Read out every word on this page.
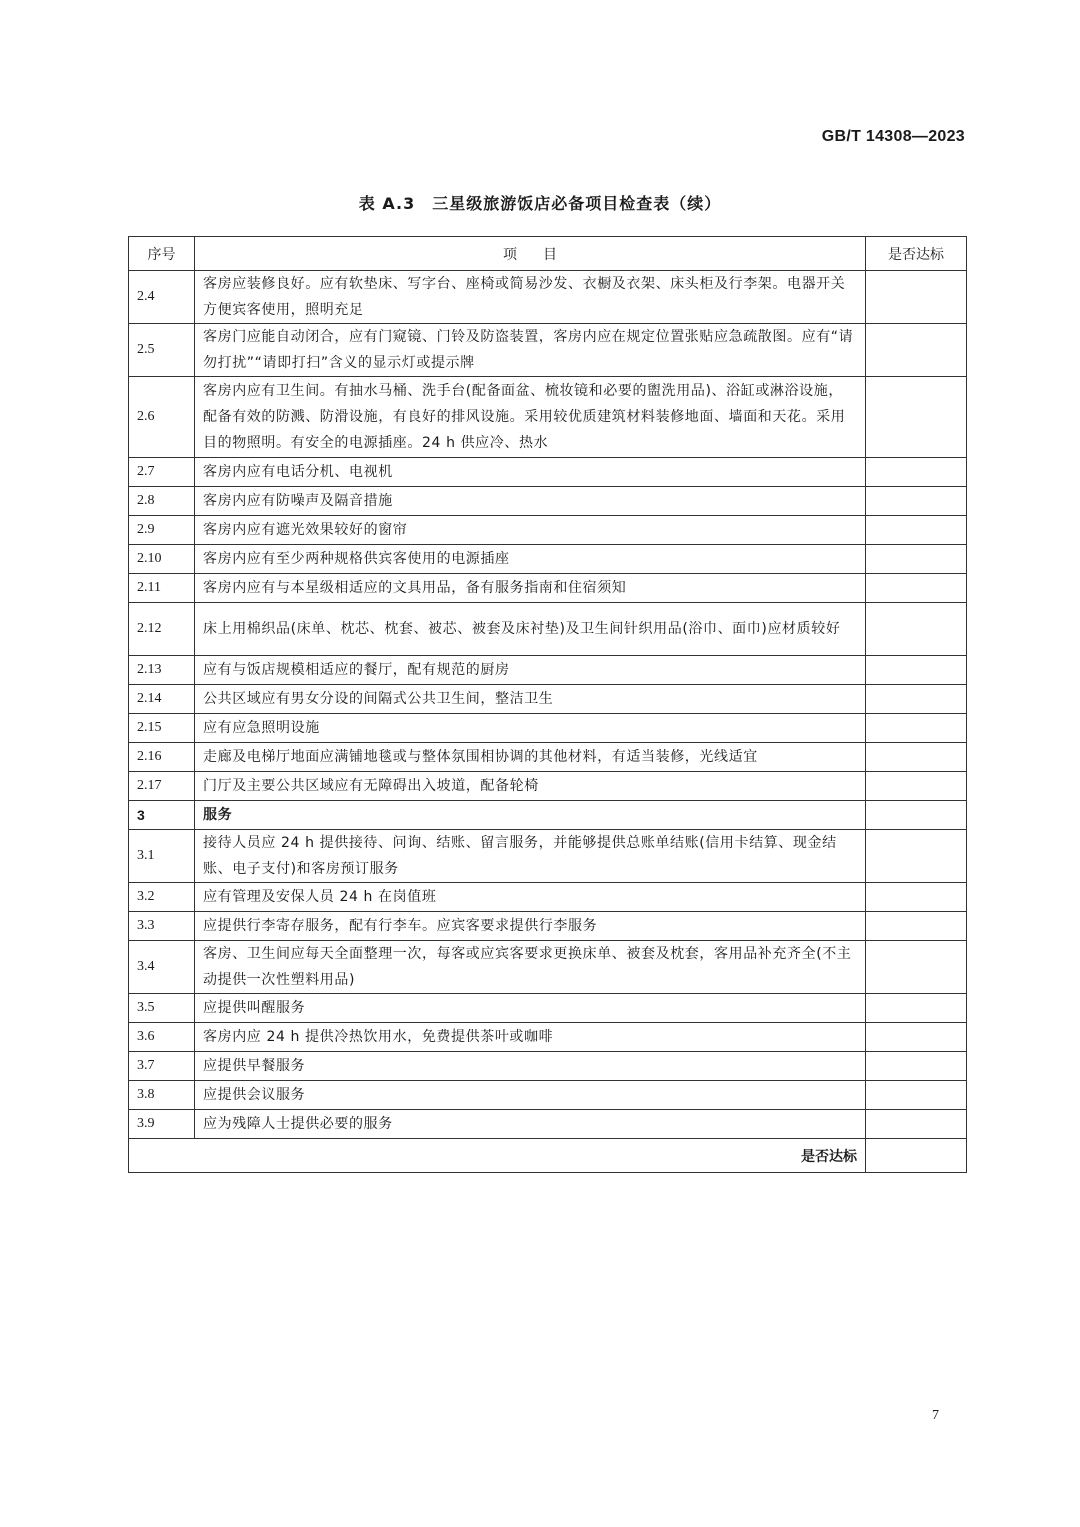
GB/T 14308—2023
表 A.3　三星级旅游饭店必备项目检查表（续）
序号	项目	是否达标
2.4	客房应装修良好。应有软垫床、写字台、座椅或简易沙发、衣橱及衣架、床头柜及行李架。电器开关方便宾客使用，照明充足	
2.5	客房门应能自动闭合，应有门窥镜、门铃及防盗装置，客房内应在规定位置张贴应急疏散图。应有“请勿打扰”“请即打扫”含义的显示灯或提示牌	
2.6	客房内应有卫生间。有抽水马桶、洗手台(配备面盆、梳妆镜和必要的盥洗用品)、浴缸或淋浴设施，配备有效的防溅、防滑设施，有良好的排风设施。采用较优质建筑材料装修地面、墙面和天花。采用目的物照明。有安全的电源插座。24 h 供应冷、热水	
2.7	客房内应有电话分机、电视机	
2.8	客房内应有防噪声及隔音措施	
2.9	客房内应有遮光效果较好的窗帘	
2.10	客房内应有至少两种规格供宾客使用的电源插座	
2.11	客房内应有与本星级相适应的文具用品，备有服务指南和住宿须知	
2.12	床上用棉织品(床单、枕芯、枕套、被芯、被套及床衬垫)及卫生间针织用品(浴巾、面巾)应材质较好	
2.13	应有与饭店规模相适应的餐厅，配有规范的厨房	
2.14	公共区域应有男女分设的间隔式公共卫生间，整洁卫生	
2.15	应有应急照明设施	
2.16	走廊及电梯厅地面应满铺地毯或与整体氛围相协调的其他材料，有适当装修，光线适宜	
2.17	门厅及主要公共区域应有无障碍出入坡道，配备轮椅	
3	服务	
3.1	接待人员应 24 h 提供接待、问询、结账、留言服务，并能够提供总账单结账(信用卡结算、现金结账、电子支付)和客房预订服务	
3.2	应有管理及安保人员 24 h 在岗值班	
3.3	应提供行李寄存服务，配有行李车。应宾客要求提供行李服务	
3.4	客房、卫生间应每天全面整理一次，每客或应宾客要求更换床单、被套及枕套，客用品补充齐全(不主动提供一次性塑料用品)	
3.5	应提供叫醒服务	
3.6	客房内应 24 h 提供冷热饮用水，免费提供茶叶或咖啡	
3.7	应提供早餐服务	
3.8	应提供会议服务	
3.9	应为残障人士提供必要的服务	
是否达标		
7
